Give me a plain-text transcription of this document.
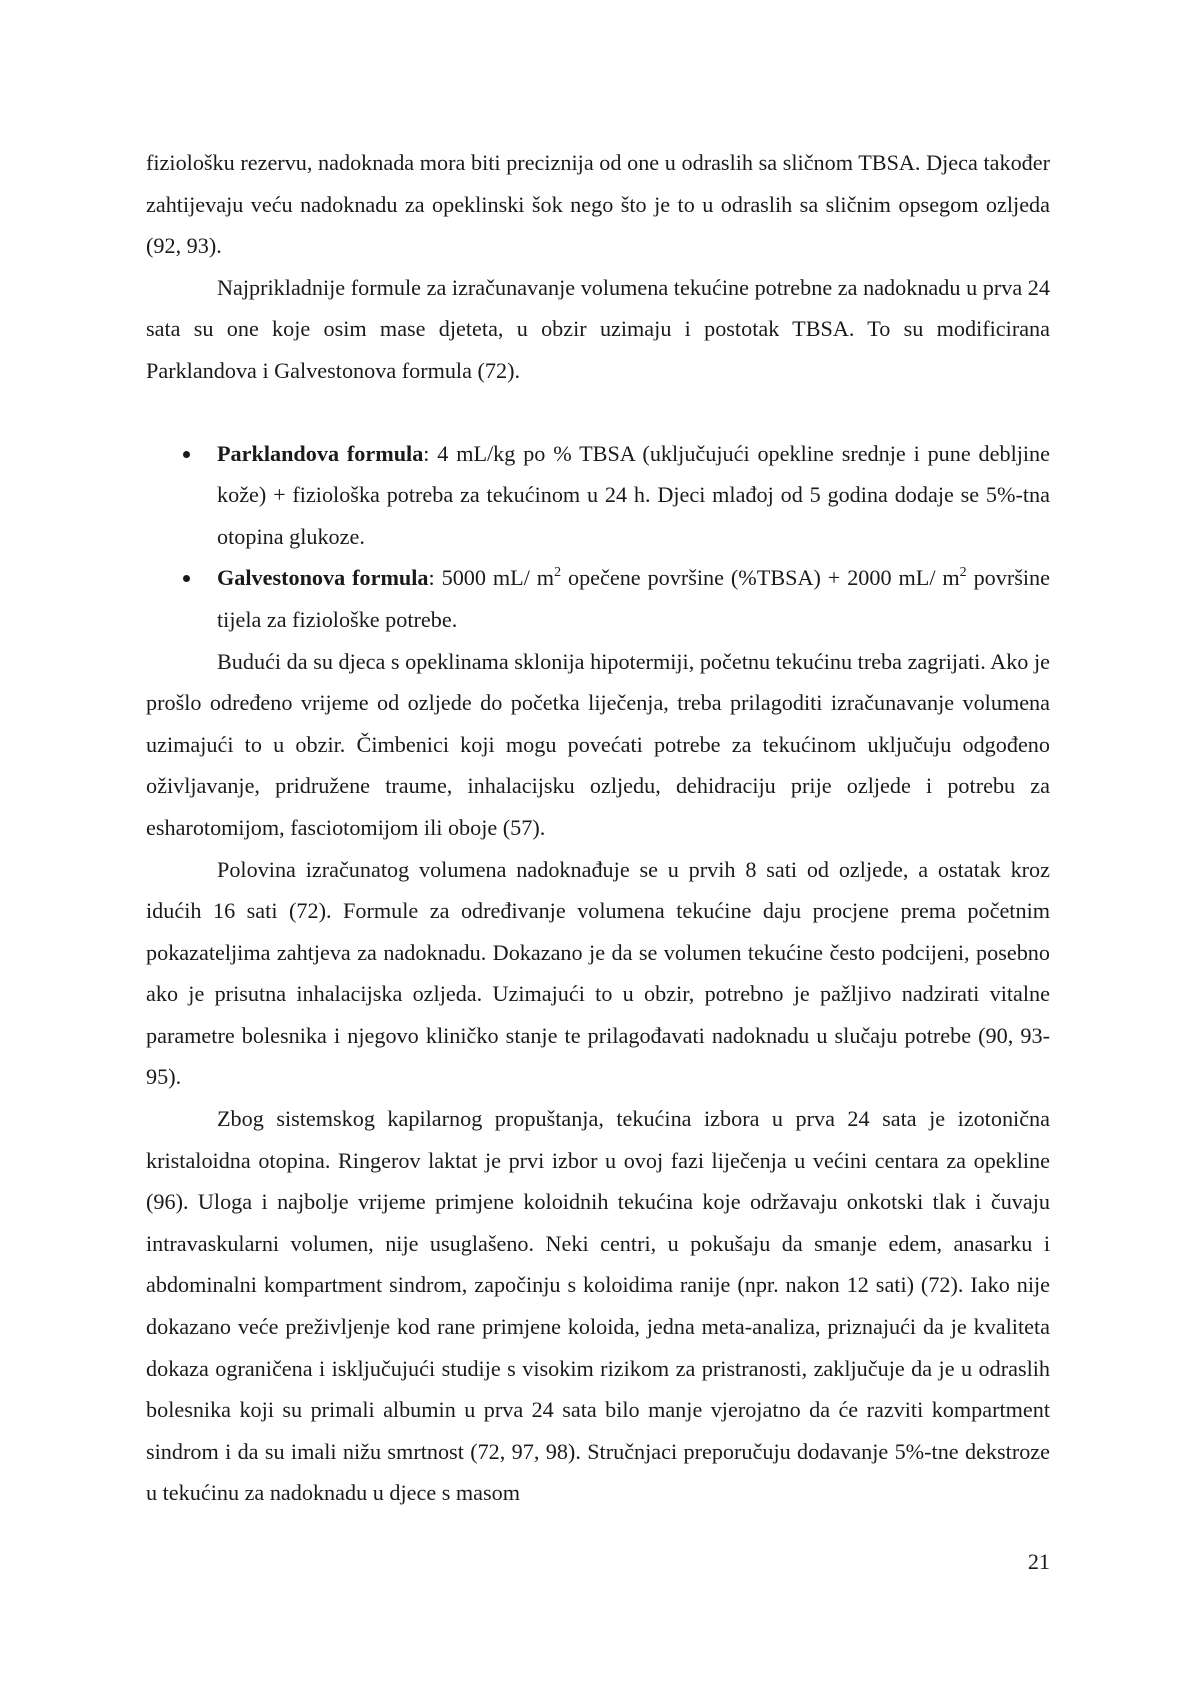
fiziološku rezervu, nadoknada mora biti preciznija od one u odraslih sa sličnom TBSA. Djeca također zahtijevaju veću nadoknadu za opeklinski šok nego što je to u odraslih sa sličnim opsegom ozljeda (92, 93).

Najprikladnije formule za izračunavanje volumena tekućine potrebne za nadoknadu u prva 24 sata su one koje osim mase djeteta, u obzir uzimaju i postotak TBSA. To su modificirana Parklandova i Galvestonova formula (72).

Parklandova formula: 4 mL/kg po % TBSA (uključujući opekline srednje i pune debljine kože) + fiziološka potreba za tekućinom u 24 h. Djeci mlađoj od 5 godina dodaje se 5%-tna otopina glukoze.
Galvestonova formula: 5000 mL/ $m^2$ opečene površine (%TBSA) + 2000 mL/ $m^2$ površine tijela za fiziološke potrebe.

Budući da su djeca s opeklinama sklonija hipotermiji, početnu tekućinu treba zagrijati. Ako je prošlo određeno vrijeme od ozljede do početka liječenja, treba prilagoditi izračunavanje volumena uzimajući to u obzir. Čimbenici koji mogu povećati potrebe za tekućinom uključuju odgođeno oživljavanje, pridružene traume, inhalacijsku ozljedu, dehidraciju prije ozljede i potrebu za esharotomijom, fasciotomijom ili oboje (57).

Polovina izračunatog volumena nadoknađuje se u prvih 8 sati od ozljede, a ostatak kroz idućih 16 sati (72). Formule za određivanje volumena tekućine daju procjene prema početnim pokazateljima zahtjeva za nadoknadu. Dokazano je da se volumen tekućine često podcijeni, posebno ako je prisutna inhalacijska ozljeda. Uzimajući to u obzir, potrebno je pažljivo nadzirati vitalne parametre bolesnika i njegovo kliničko stanje te prilagođavati nadoknadu u slučaju potrebe (90, 93-95).

Zbog sistemskog kapilarnog propuštanja, tekućina izbora u prva 24 sata je izotonična kristaloidna otopina. Ringerov laktat je prvi izbor u ovoj fazi liječenja u većini centara za opekline (96). Uloga i najbolje vrijeme primjene koloidnih tekućina koje održavaju onkotski tlak i čuvaju intravaskularni volumen, nije usuglašeno. Neki centri, u pokušaju da smanje edem, anasarku i abdominalni kompartment sindrom, započinju s koloidima ranije (npr. nakon 12 sati) (72). Iako nije dokazano veće preživljenje kod rane primjene koloida, jedna meta-analiza, priznajući da je kvaliteta dokaza ograničena i isključujući studije s visokim rizikom za pristranosti, zaključuje da je u odraslih bolesnika koji su primali albumin u prva 24 sata bilo manje vjerojatno da će razviti kompartment sindrom i da su imali nižu smrtnost (72, 97, 98). Stručnjaci preporučuju dodavanje 5%-tne dekstroze u tekućinu za nadoknadu u djece s masom

21
